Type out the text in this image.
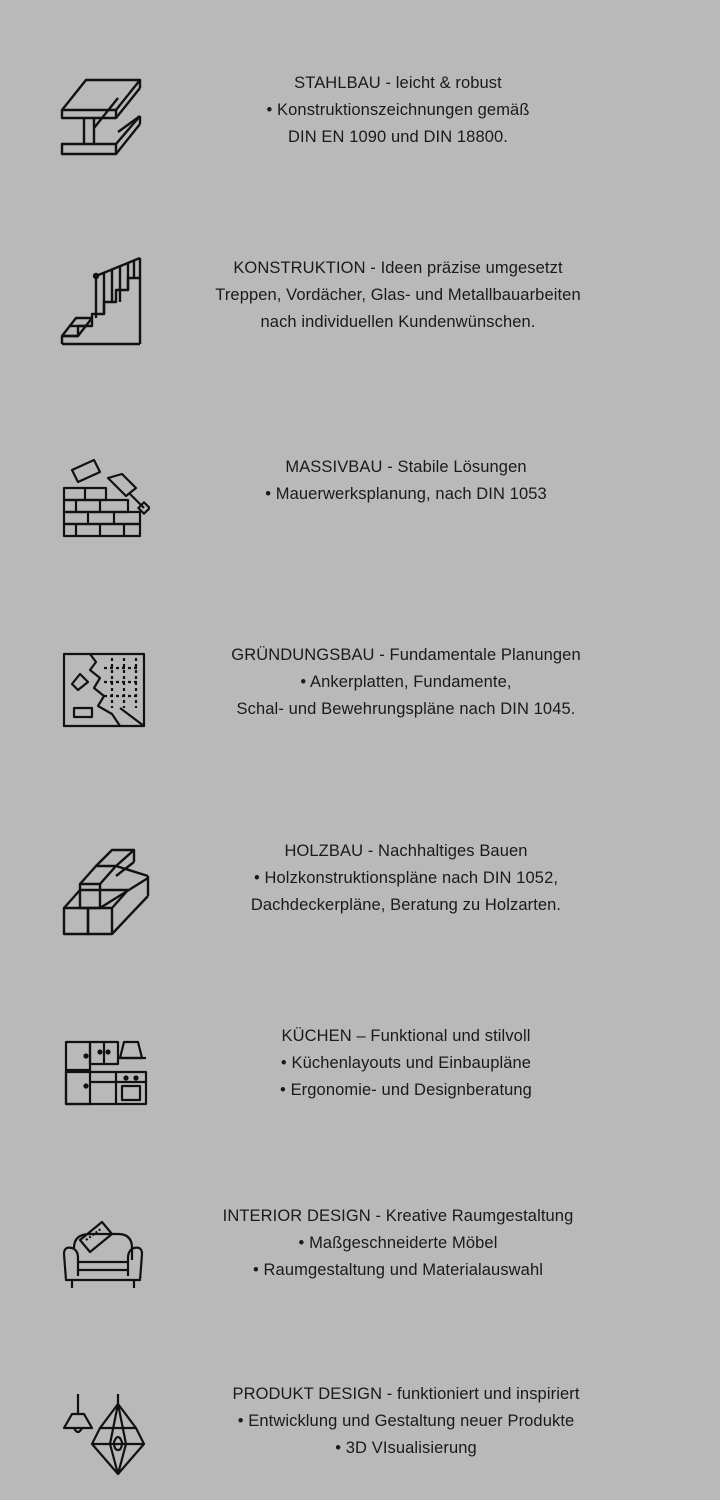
STAHLBAU - leicht & robust
• Konstruktionszeichnungen gemäß
DIN EN 1090 und DIN 18800.
KONSTRUKTION - Ideen präzise umgesetzt
Treppen, Vordächer, Glas- und Metallbauarbeiten
nach individuellen Kundenwünschen.
MASSIVBAU - Stabile Lösungen
• Mauerwerksplanung, nach DIN 1053
GRÜNDUNGSBAU - Fundamentale Planungen
• Ankerplatten, Fundamente,
Schal- und Bewehrungspläne nach DIN 1045.
HOLZBAU - Nachhaltiges Bauen
• Holzkonstruktionspläne nach DIN 1052,
Dachdeckerpläne, Beratung zu Holzarten.
KÜCHEN – Funktional und stilvoll
• Küchenlayouts und Einbaupläne
• Ergonomie- und Designberatung
INTERIOR DESIGN - Kreative Raumgestaltung
• Maßgeschneiderte Möbel
• Raumgestaltung und Materialauswahl
PRODUKT DESIGN - funktioniert und inspiriert
• Entwicklung und Gestaltung neuer Produkte
• 3D VIsualisierung
